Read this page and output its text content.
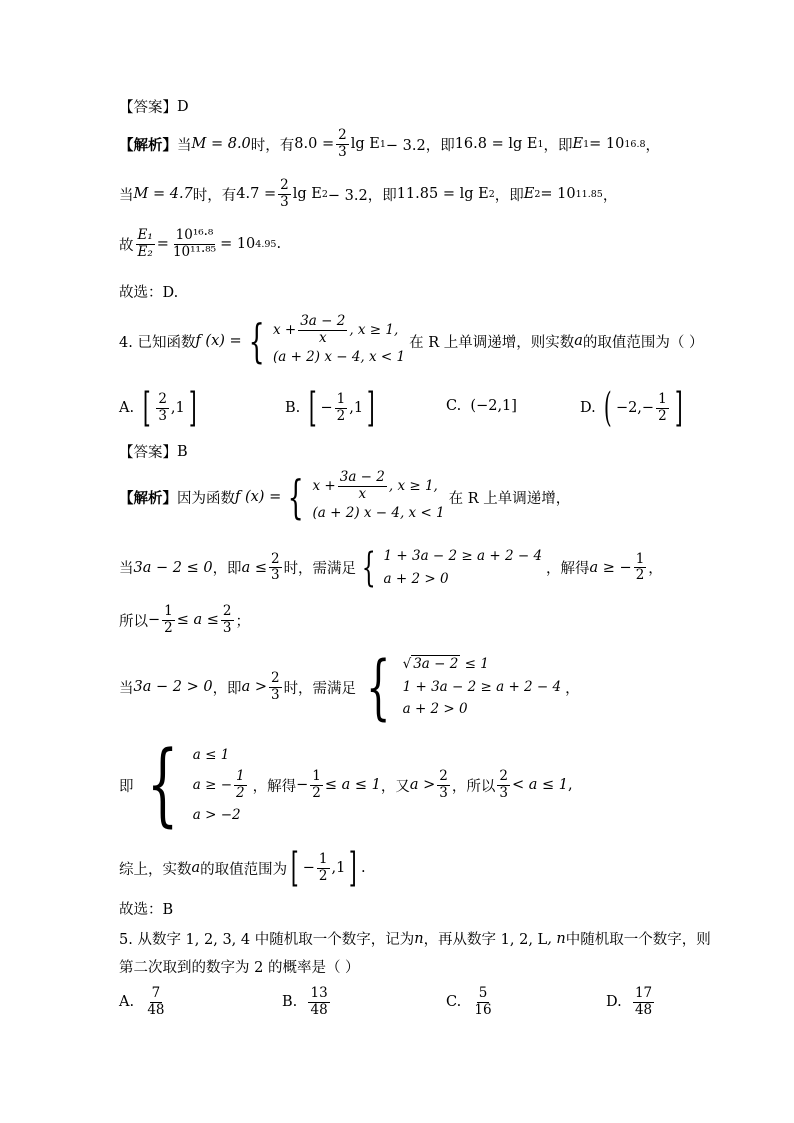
【答案】 D
【解析】 当 M = 8.0 时，有 $8.0 = \frac{2}{3}$ lg E 1 − 3.2，即 16.8 = lg E 1 ，即 E 1 = 10 16.8 ，
当 M = 4.7 时，有 $4.7 = \frac{2}{3}$ lg E 2 − 3.2，即 11.85 = lg E 2 ，即 E 2 = 10 11.85 ，
故 $\frac{\text{E₁}}{\text{E₂}} = \frac{\text{10¹⁶·⁸}}{\text{10¹¹·⁸⁵}} = 10$ 4.95 .
故选：D.
4. 已知函数 f (x) = { $x + \frac{3a - 2}{x}$ , x ≥ 1,
(a + 2) x − 4, x < 1
在 R 上单调递增，则实数 a 的取值范围为（ ）
A.
[ $\frac{2}{3} ,1$ ]	B.
[ − $\frac{1}{2} ,1$ ]	C.
(−2,1]	D.
( $-2,- \frac{1}{2}$ ]
【答案】 B
【解析】 因为函数 f (x) = { $x + \frac{3a - 2}{x}$ , x ≥ 1,
(a + 2) x − 4, x < 1
在 R 上单调递增，
当 3a − 2 ≤ 0 ，即 $a \le \frac{2}{3}$ 时，需满足 { 1 + 3a − 2 ≥ a + 2 − 4
a + 2 > 0
，解得 a ≥ − $\frac{1}{2}$ ，
所以 − $\frac{1}{2} \le a \le \frac{2}{3}$ ；
当 3a − 2 > 0 ，即 $a > \frac{2}{3}$ 时，需满足 { √ 3a − 2 ≤ 1
1 + 3a − 2 ≥ a + 2 − 4
a + 2 > 0
，
即 { a ≤ 1
a ≥ − $\frac{1}{2}$
a > −2
，解得 − $\frac{1}{2} \le a \le 1$ ，又 $a > \frac{2}{3}$ ，所以 $\frac{2}{3} < a \le 1$ ,
综上，实数 a 的取值范围为 [ − $\frac{1}{2} ,1$ ] .
故选：B
5. 从数字 1, 2, 3, 4 中随机取一个数字，记为 n ，再从数字 1, 2, L , n 中随机取一个数字，则
第二次取到的数字为 2 的概率是（ ）
A.
$\frac{7}{48}$	B.
$\frac{13}{48}$	C.
$\frac{5}{16}$	D.
$\frac{17}{48}$
